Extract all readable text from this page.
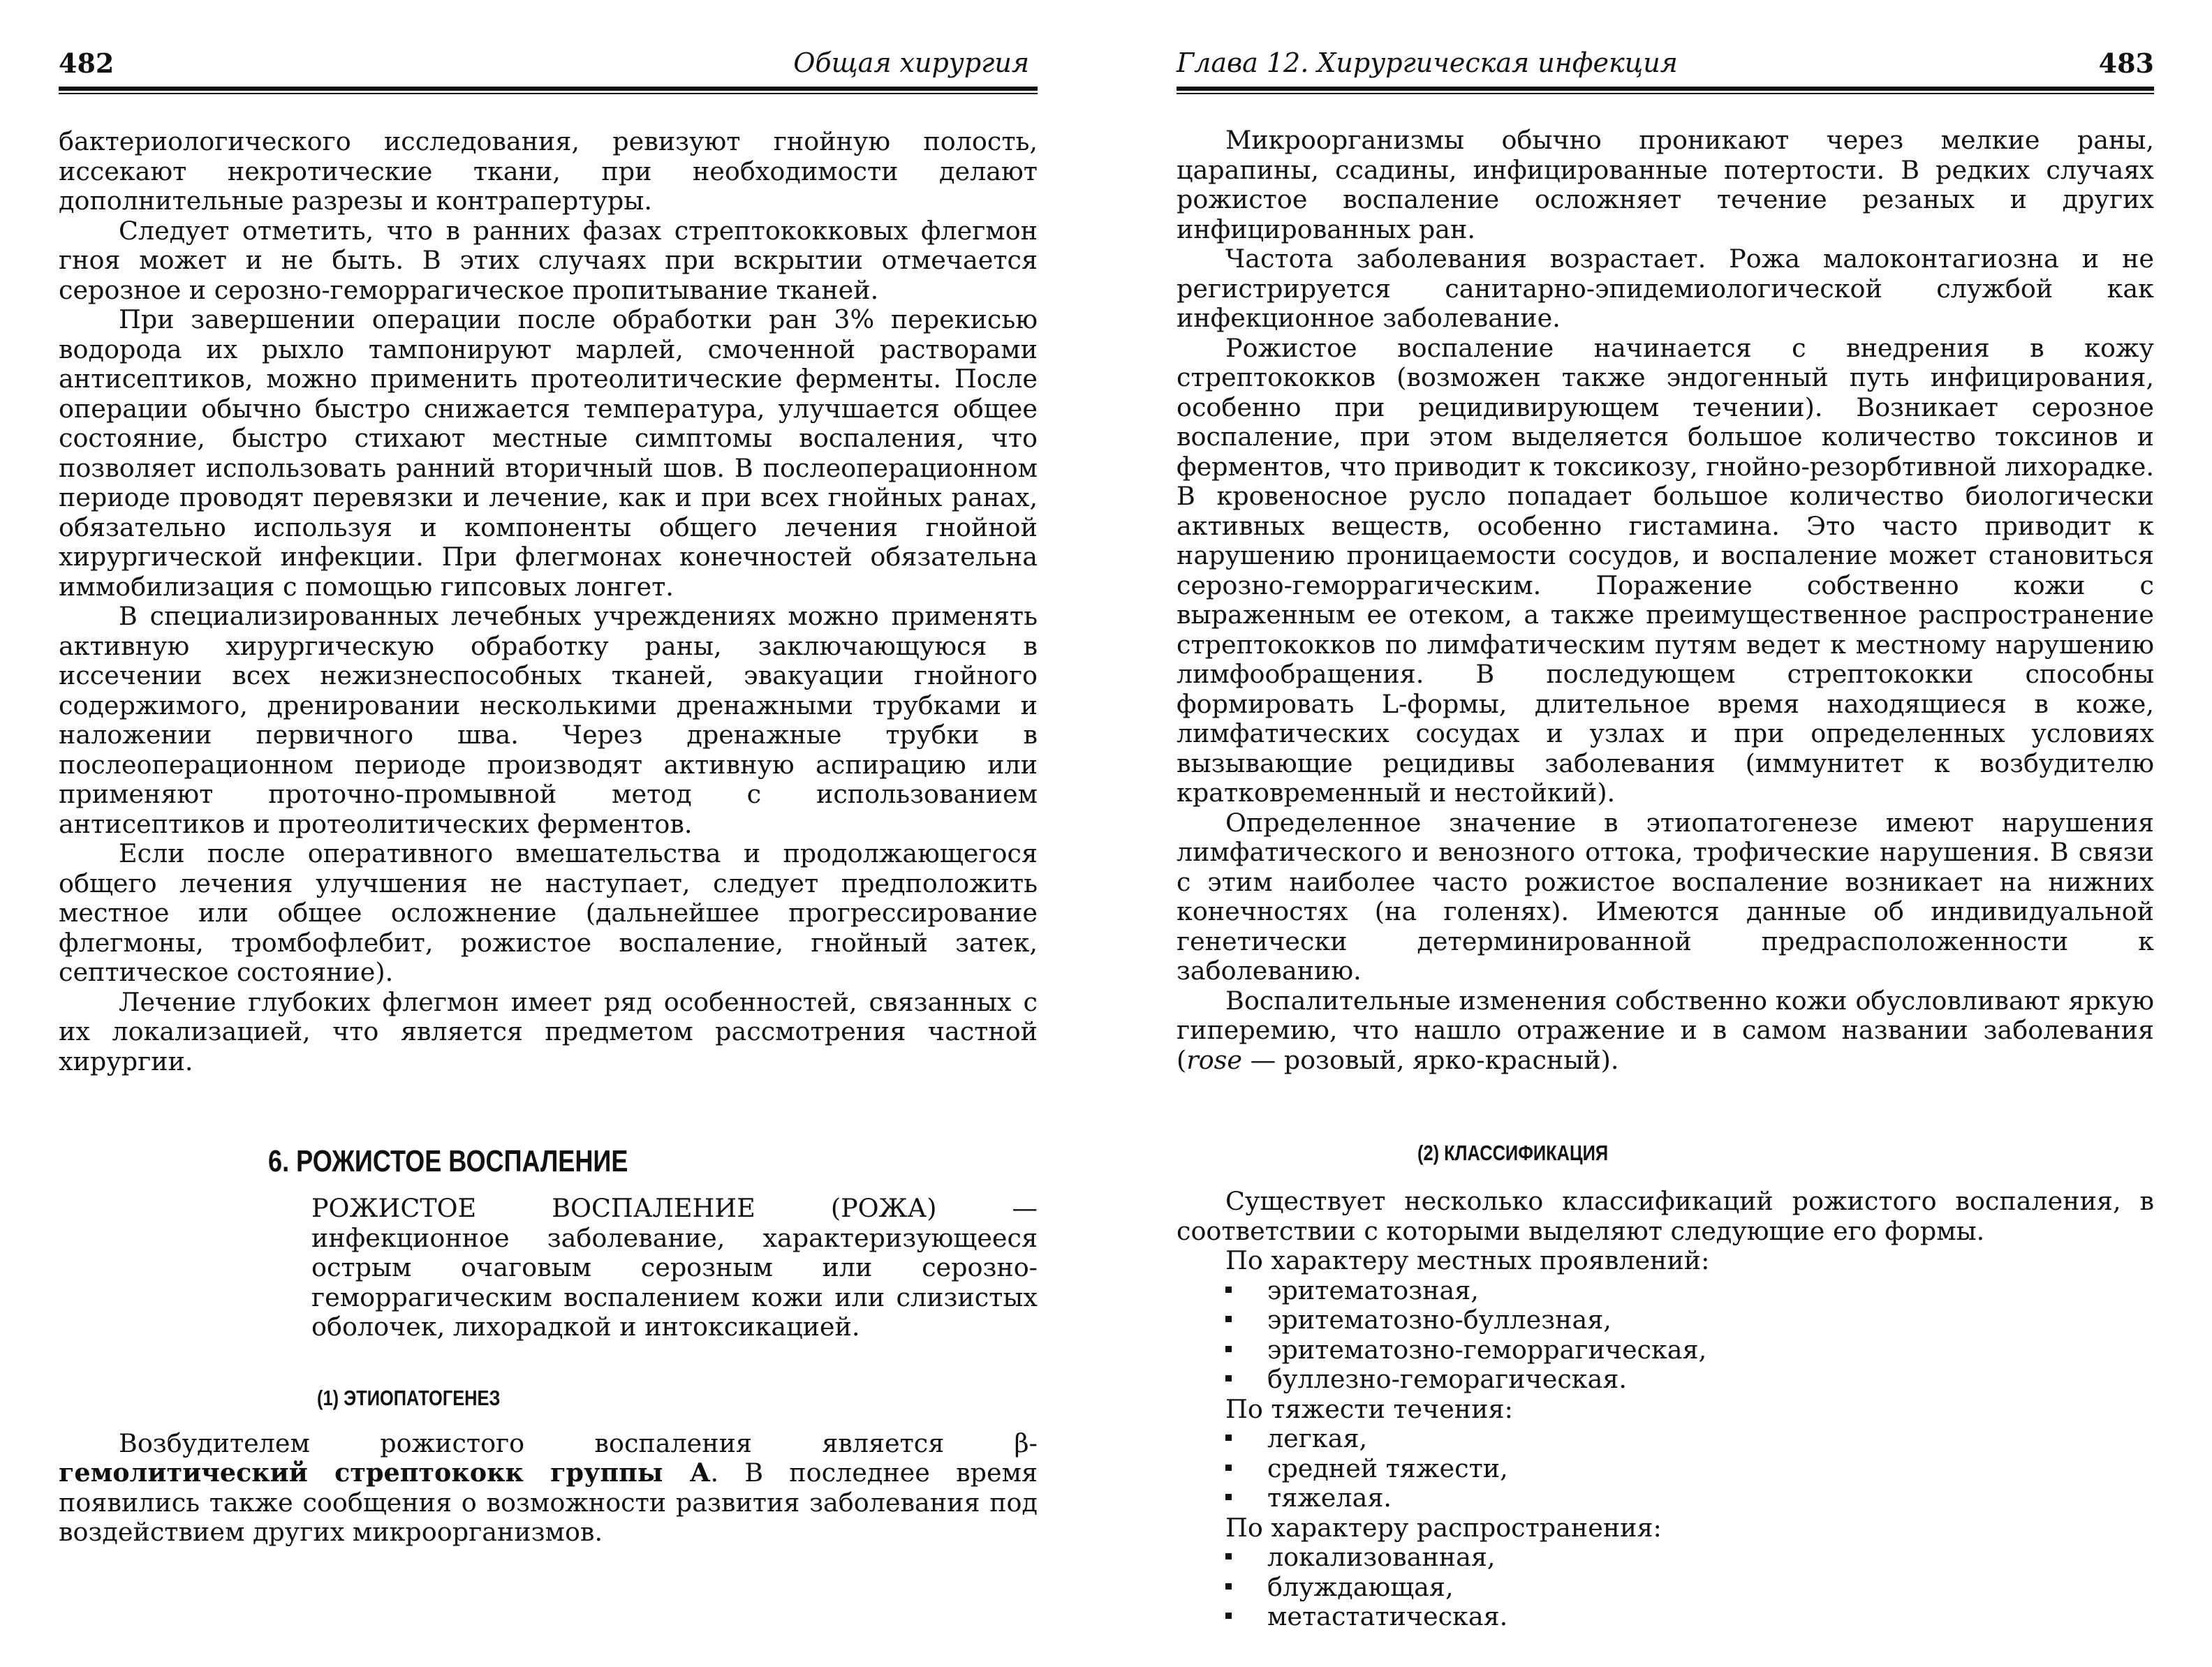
482	Общая хирургия

бактериологического исследования, ревизуют гнойную полость, иссекают некротические ткани, при необходимости делают дополнительные разрезы и контрапертуры.

Следует отметить, что в ранних фазах стрептококковых флегмон гноя может и не быть. В этих случаях при вскрытии отмечается серозное и серозно-геморрагическое пропитывание тканей.

При завершении операции после обработки ран 3% перекисью водорода их рыхло тампонируют марлей, смоченной растворами антисептиков, можно применить протеолитические ферменты. После операции обычно быстро снижается температура, улучшается общее состояние, быстро стихают местные симптомы воспаления, что позволяет использовать ранний вторичный шов. В послеоперационном периоде проводят перевязки и лечение, как и при всех гнойных ранах, обязательно используя и компоненты общего лечения гнойной хирургической инфекции. При флегмонах конечностей обязательна иммобилизация с помощью гипсовых лонгет.

В специализированных лечебных учреждениях можно применять активную хирургическую обработку раны, заключающуюся в иссечении всех нежизнеспособных тканей, эвакуации гнойного содержимого, дренировании несколькими дренажными трубками и наложении первичного шва. Через дренажные трубки в послеоперационном периоде производят активную аспирацию или применяют проточно-промывной метод с использованием антисептиков и протеолитических ферментов.

Если после оперативного вмешательства и продолжающегося общего лечения улучшения не наступает, следует предположить местное или общее осложнение (дальнейшее прогрессирование флегмоны, тромбофлебит, рожистое воспаление, гнойный затек, септическое состояние).

Лечение глубоких флегмон имеет ряд особенностей, связанных с их локализацией, что является предметом рассмотрения частной хирургии.

6. РОЖИСТОЕ ВОСПАЛЕНИЕ

РОЖИСТОЕ ВОСПАЛЕНИЕ (РОЖА) — инфекционное заболевание, характеризующееся острым очаговым серозным или серозно-геморрагическим воспалением кожи или слизистых оболочек, лихорадкой и интоксикацией.

(1) ЭТИОПАТОГЕНЕЗ

Возбудителем рожистого воспаления является β-гемолитический стрептококк группы А. В последнее время появились также сообщения о возможности развития заболевания под воздействием других микроорганизмов.

Глава 12. Хирургическая инфекция	483

Микроорганизмы обычно проникают через мелкие раны, царапины, ссадины, инфицированные потертости. В редких случаях рожистое воспаление осложняет течение резаных и других инфицированных ран.

Частота заболевания возрастает. Рожа малоконтагиозна и не регистрируется санитарно-эпидемиологической службой как инфекционное заболевание.

Рожистое воспаление начинается с внедрения в кожу стрептококков (возможен также эндогенный путь инфицирования, особенно при рецидивирующем течении). Возникает серозное воспаление, при этом выделяется большое количество токсинов и ферментов, что приводит к токсикозу, гнойно-резорбтивной лихорадке. В кровеносное русло попадает большое количество биологически активных веществ, особенно гистамина. Это часто приводит к нарушению проницаемости сосудов, и воспаление может становиться серозно-геморрагическим. Поражение собственно кожи с выраженным ее отеком, а также преимущественное распространение стрептококков по лимфатическим путям ведет к местному нарушению лимфообращения. В последующем стрептококки способны формировать L-формы, длительное время находящиеся в коже, лимфатических сосудах и узлах и при определенных условиях вызывающие рецидивы заболевания (иммунитет к возбудителю кратковременный и нестойкий).

Определенное значение в этиопатогенезе имеют нарушения лимфатического и венозного оттока, трофические нарушения. В связи с этим наиболее часто рожистое воспаление возникает на нижних конечностях (на голенях). Имеются данные об индивидуальной генетически детерминированной предрасположенности к заболеванию.

Воспалительные изменения собственно кожи обусловливают яркую гиперемию, что нашло отражение и в самом названии заболевания (rose — розовый, ярко-красный).

(2) КЛАССИФИКАЦИЯ

Существует несколько классификаций рожистого воспаления, в соответствии с которыми выделяют следующие его формы.

По характеру местных проявлений:

эритематозная,
эритематозно-буллезная,
эритематозно-геморрагическая,
буллезно-геморагическая.

По тяжести течения:

легкая,
средней тяжести,
тяжелая.

По характеру распространения:

локализованная,
блуждающая,
метастатическая.
